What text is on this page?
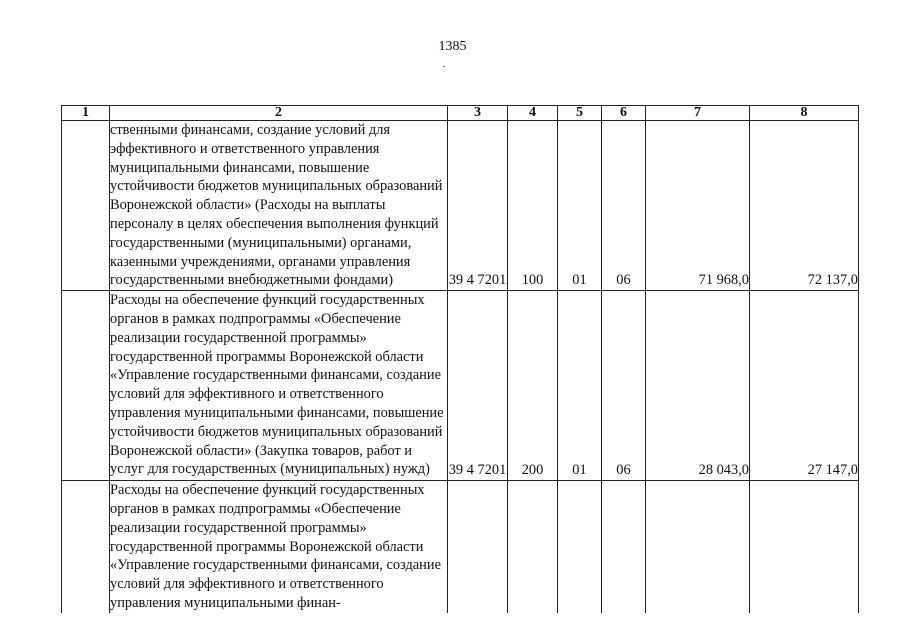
1385
1	2	3	4	5	6	7	8
	ственными финансами, создание условий для эффективного и ответственного управления муниципальными финансами, повышение устойчивости бюджетов муниципальных образований Воронежской области» (Расходы на выплаты персоналу в целях обеспечения выполнения функций государственными (муниципальными) органами, казенными учреждениями, органами управления государственными внебюджетными фондами)	39 4 7201	100	01	06	71 968,0	72 137,0
	Расходы на обеспечение функций государственных органов в рамках подпрограммы «Обеспечение реализации государственной программы» государственной программы Воронежской области «Управление государственными финансами, создание условий для эффективного и ответственного управления муниципальными финансами, повышение устойчивости бюджетов муниципальных образований Воронежской области» (Закупка товаров, работ и услуг для государственных (муниципальных) нужд)	39 4 7201	200	01	06	28 043,0	27 147,0
	Расходы на обеспечение функций государственных органов в рамках подпрограммы «Обеспечение реализации государственной программы» государственной программы Воронежской области «Управление государственными финансами, создание условий для эффективного и ответственного управления муниципальными финан-						
